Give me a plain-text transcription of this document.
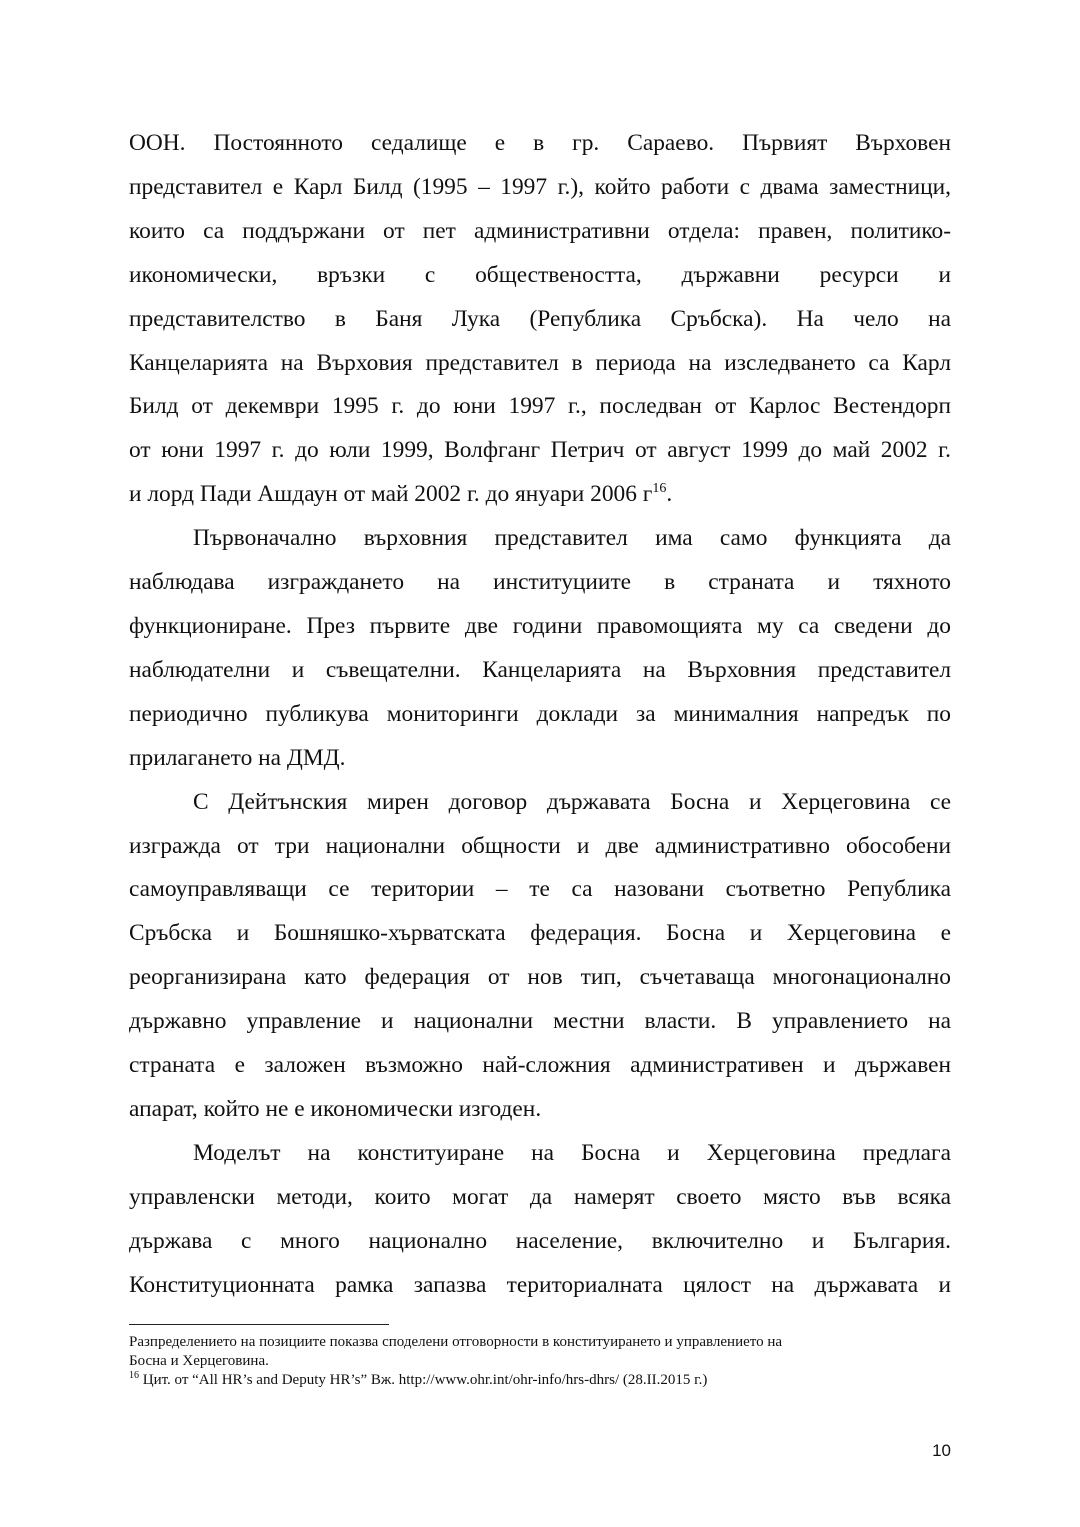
ООН. Постоянното седалище е в гр. Сараево. Първият Върховен

представител е Карл Билд (1995 – 1997 г.), който работи с двама заместници,

които са поддържани от пет административни отдела: правен, политико-

икономически, връзки с обществеността, държавни ресурси и

представителство в Баня Лука (Република Сръбска). На чело на

Канцеларията на Върховия представител в периода на изследването са Карл

Билд от декември 1995 г. до юни 1997 г., последван от Карлос Вестендорп

от юни 1997 г. до юли 1999, Волфганг Петрич от август 1999 до май 2002 г.

и лорд Пади Ашдаун от май 2002 г. до януари 2006 $г^{16}$.

Първоначално върховния представител има само функцията да

наблюдава изграждането на институциите в страната и тяхното

функциониране. През първите две години правомощията му са сведени до

наблюдателни и съвещателни. Канцеларията на Върховния представител

периодично публикува мониторинги доклади за минималния напредък по

прилагането на ДМД.

С Дейтънския мирен договор държавата Босна и Херцеговина се

изгражда от три национални общности и две административно обособени

самоуправляващи се територии – те са назовани съответно Република

Сръбска и Бошняшко-хърватската федерация. Босна и Херцеговина е

реорганизирана като федерация от нов тип, съчетаваща многонационално

държавно управление и национални местни власти. В управлението на

страната е заложен възможно най-сложния административен и държавен

апарат, който не е икономически изгоден.

Моделът на конституиране на Босна и Херцеговина предлага

управленски методи, които могат да намерят своето място във всяка

държава с много национално население, включително и България.

Конституционната рамка запазва териториалната цялост на държавата и

Разпределението на позициите показва споделени отговорности в конституирането и управлението на

Босна и Херцеговина.

$^{16}$ Цит. от “All HR’s and Deputy HR’s” Вж. http://www.ohr.int/ohr-info/hrs-dhrs/ (28.II.2015 г.)

10
